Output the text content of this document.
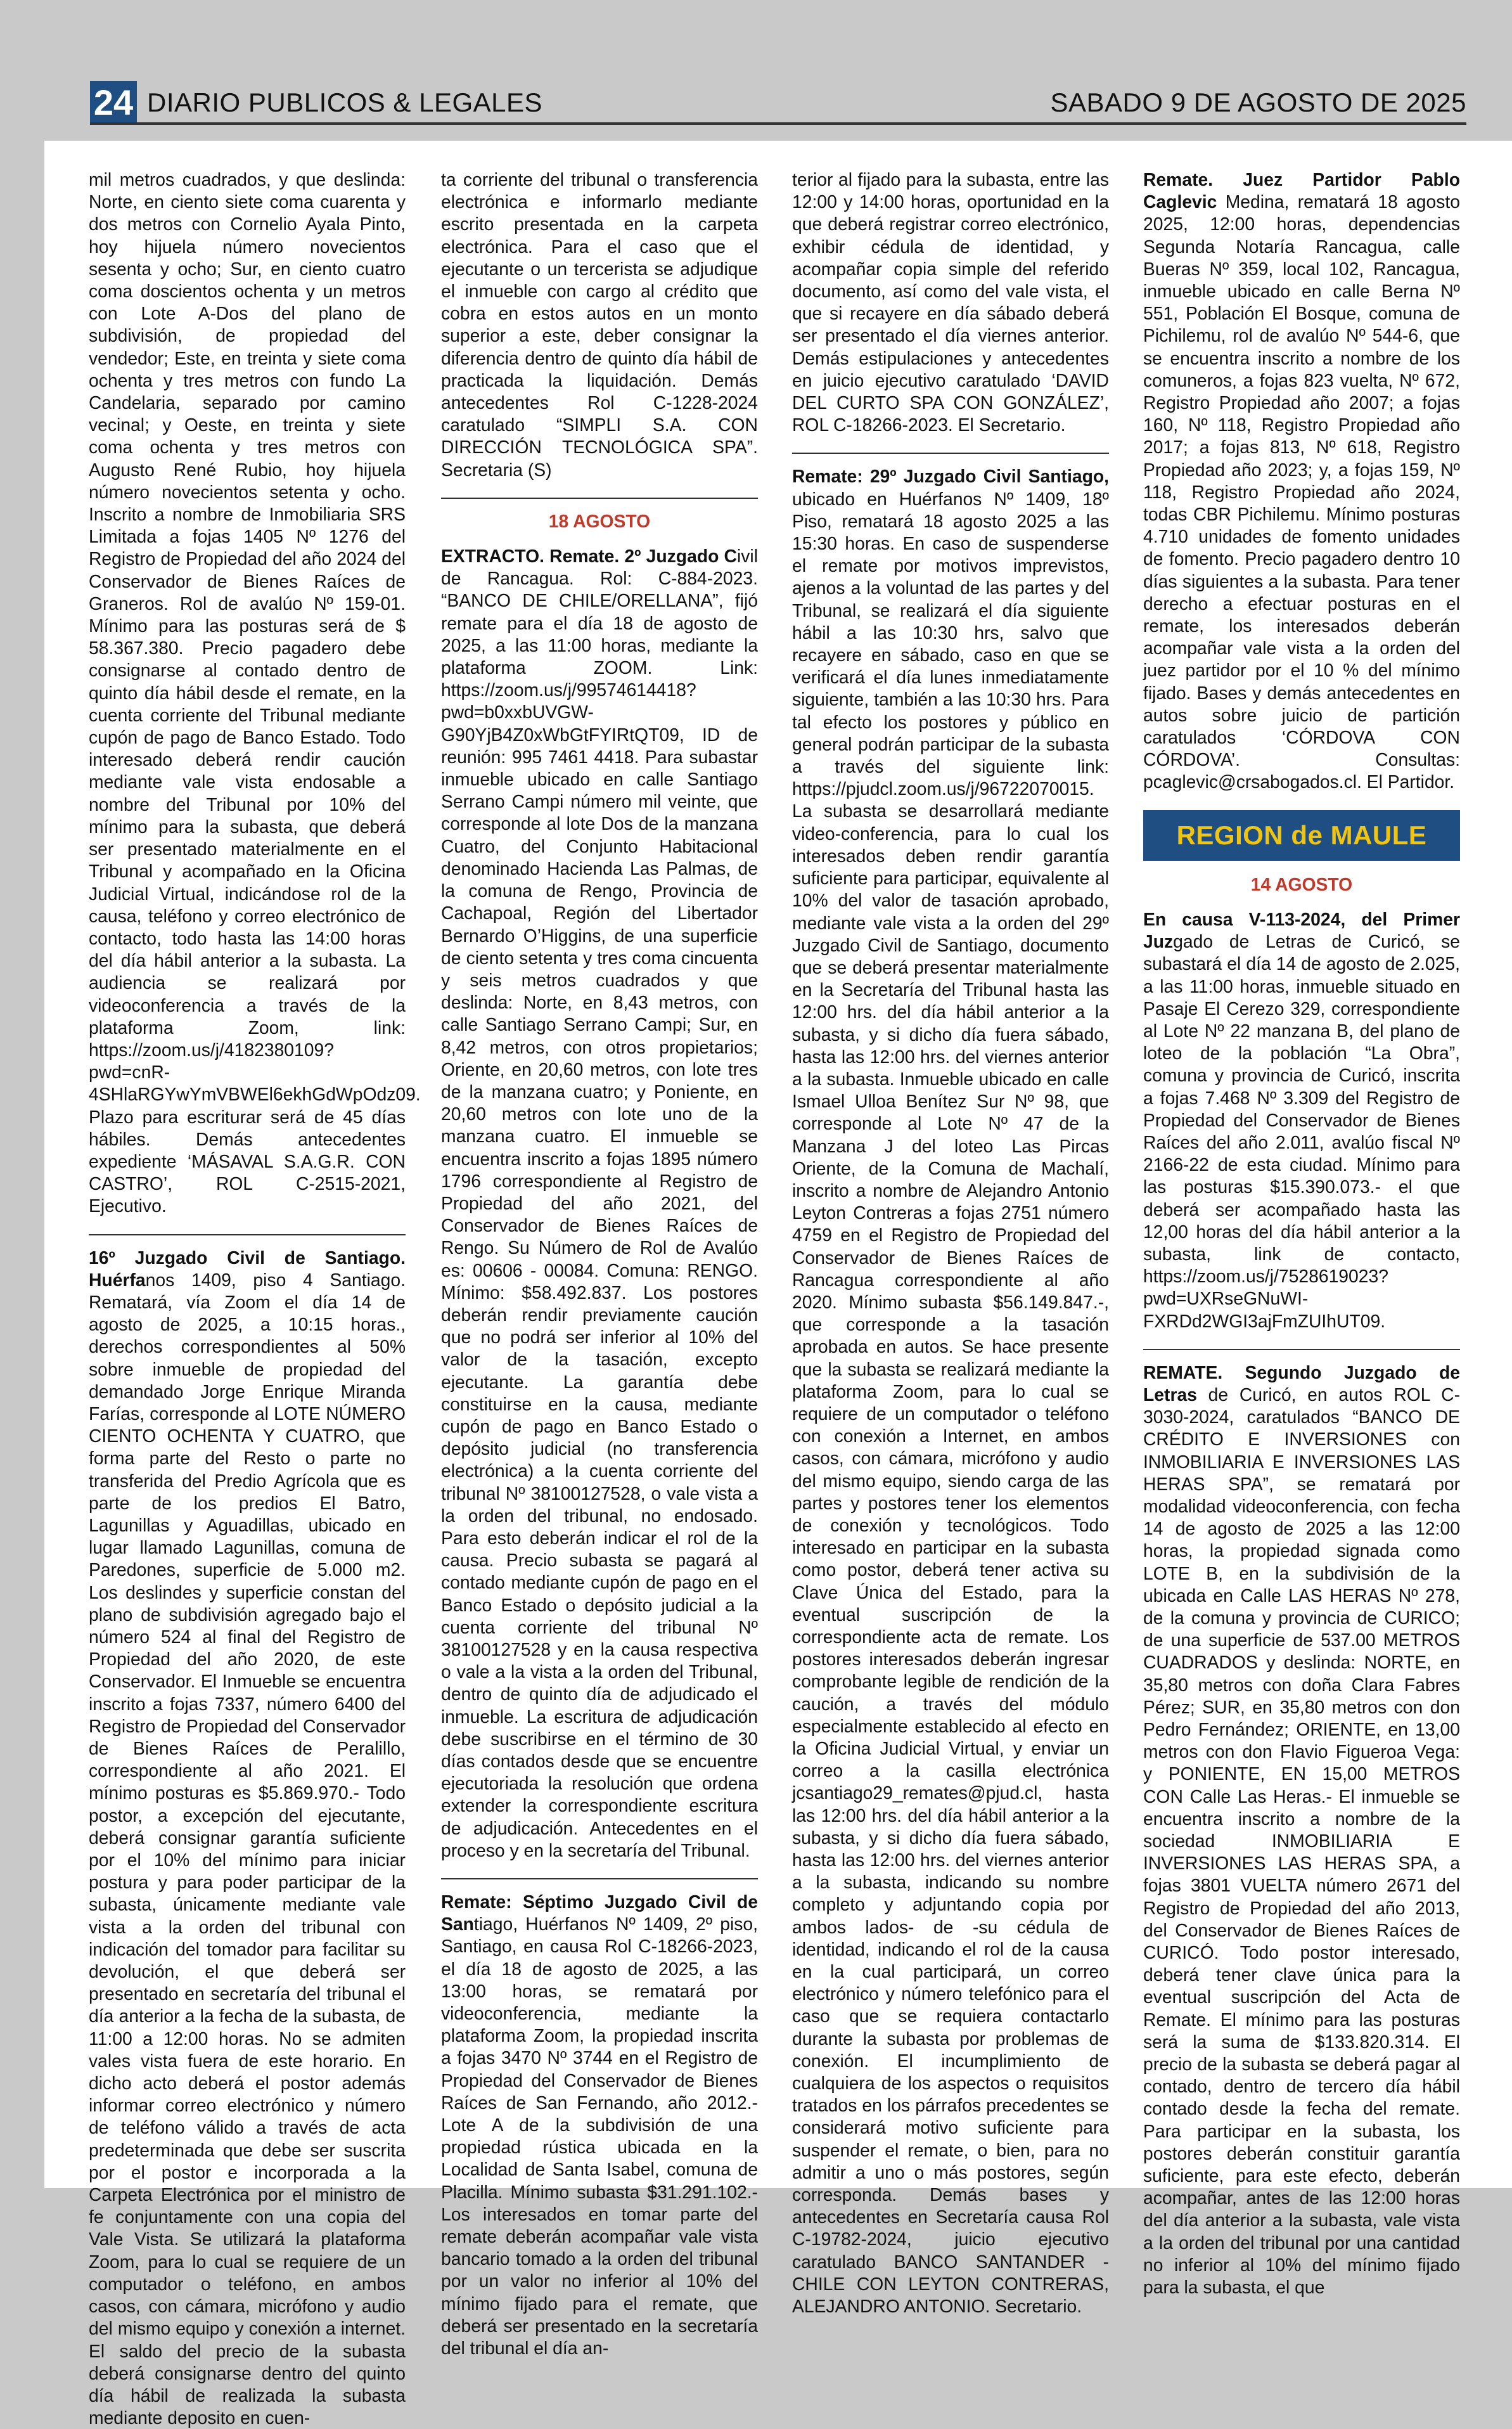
24 DIARIO PUBLICOS & LEGALES	SABADO 9 DE AGOSTO DE 2025

mil metros cuadrados, y que deslinda: Norte, en ciento siete coma cuarenta y dos metros con Cornelio Ayala Pinto, hoy hijuela número novecientos sesenta y ocho; Sur, en ciento cuatro coma doscientos ochenta y un metros con Lote A-Dos del plano de subdivisión, de propiedad del vendedor; Este, en treinta y siete coma ochenta y tres metros con fundo La Candelaria, separado por camino vecinal; y Oeste, en treinta y siete coma ochenta y tres metros con Augusto René Rubio, hoy hijuela número novecientos setenta y ocho. Inscrito a nombre de Inmobiliaria SRS Limitada a fojas 1405 Nº 1276 del Registro de Propiedad del año 2024 del Conservador de Bienes Raíces de Graneros. Rol de avalúo Nº 159-01. Mínimo para las posturas será de $ 58.367.380. Precio pagadero debe consignarse al contado dentro de quinto día hábil desde el remate, en la cuenta corriente del Tribunal mediante cupón de pago de Banco Estado. Todo interesado deberá rendir caución mediante vale vista endosable a nombre del Tribunal por 10% del mínimo para la subasta, que deberá ser presentado materialmente en el Tribunal y acompañado en la Oficina Judicial Virtual, indicándose rol de la causa, teléfono y correo electrónico de contacto, todo hasta las 14:00 horas del día hábil anterior a la subasta. La audiencia se realizará por videoconferencia a través de la plataforma Zoom, link: https://zoom.us/j/4182380109?pwd=cnR-4SHlaRGYwYmVBWEl6ekhGdWpOdz09. Plazo para escriturar será de 45 días hábiles. Demás antecedentes expediente ‘MÁSAVAL S.A.G.R. CON CASTRO’, ROL C-2515-2021, Ejecutivo.

16º Juzgado Civil de Santiago. Huérfanos 1409, piso 4 Santiago. Rematará, vía Zoom el día 14 de agosto de 2025, a 10:15 horas., derechos correspondientes al 50% sobre inmueble de propiedad del demandado Jorge Enrique Miranda Farías, corresponde al LOTE NÚMERO CIENTO OCHENTA Y CUATRO, que forma parte del Resto o parte no transferida del Predio Agrícola que es parte de los predios El Batro, Lagunillas y Aguadillas, ubicado en lugar llamado Lagunillas, comuna de Paredones, superficie de 5.000 m2. Los deslindes y superficie constan del plano de subdivisión agregado bajo el número 524 al final del Registro de Propiedad del año 2020, de este Conservador. El Inmueble se encuentra inscrito a fojas 7337, número 6400 del Registro de Propiedad del Conservador de Bienes Raíces de Peralillo, correspondiente al año 2021. El mínimo posturas es $5.869.970.- Todo postor, a excepción del ejecutante, deberá consignar garantía suficiente por el 10% del mínimo para iniciar postura y para poder participar de la subasta, únicamente mediante vale vista a la orden del tribunal con indicación del tomador para facilitar su devolución, el que deberá ser presentado en secretaría del tribunal el día anterior a la fecha de la subasta, de 11:00 a 12:00 horas. No se admiten vales vista fuera de este horario. En dicho acto deberá el postor además informar correo electrónico y número de teléfono válido a través de acta predeterminada que debe ser suscrita por el postor e incorporada a la Carpeta Electrónica por el ministro de fe conjuntamente con una copia del Vale Vista. Se utilizará la plataforma Zoom, para lo cual se requiere de un computador o teléfono, en ambos casos, con cámara, micrófono y audio del mismo equipo y conexión a internet. El saldo del precio de la subasta deberá consignarse dentro del quinto día hábil de realizada la subasta mediante deposito en cuen-

ta corriente del tribunal o transferencia electrónica e informarlo mediante escrito presentada en la carpeta electrónica. Para el caso que el ejecutante o un tercerista se adjudique el inmueble con cargo al crédito que cobra en estos autos en un monto superior a este, deber consignar la diferencia dentro de quinto día hábil de practicada la liquidación. Demás antecedentes Rol C-1228-2024 caratulado “SIMPLI S.A. CON DIRECCIÓN TECNOLÓGICA SPA”. Secretaria (S)

18 AGOSTO

EXTRACTO. Remate. 2º Juzgado Civil de Rancagua. Rol: C-884-2023. “BANCO DE CHILE/ORELLANA”, fijó remate para el día 18 de agosto de 2025, a las 11:00 horas, mediante la plataforma ZOOM. Link: https://zoom.us/j/99574614418?pwd=b0xxbUVGW-G90YjB4Z0xWbGtFYIRtQT09, ID de reunión: 995 7461 4418. Para subastar inmueble ubicado en calle Santiago Serrano Campi número mil veinte, que corresponde al lote Dos de la manzana Cuatro, del Conjunto Habitacional denominado Hacienda Las Palmas, de la comuna de Rengo, Provincia de Cachapoal, Región del Libertador Bernardo O’Higgins, de una superficie de ciento setenta y tres coma cincuenta y seis metros cuadrados y que deslinda: Norte, en 8,43 metros, con calle Santiago Serrano Campi; Sur, en 8,42 metros, con otros propietarios; Oriente, en 20,60 metros, con lote tres de la manzana cuatro; y Poniente, en 20,60 metros con lote uno de la manzana cuatro. El inmueble se encuentra inscrito a fojas 1895 número 1796 correspondiente al Registro de Propiedad del año 2021, del Conservador de Bienes Raíces de Rengo. Su Número de Rol de Avalúo es: 00606 - 00084. Comuna: RENGO. Mínimo: $58.492.837. Los postores deberán rendir previamente caución que no podrá ser inferior al 10% del valor de la tasación, excepto ejecutante. La garantía debe constituirse en la causa, mediante cupón de pago en Banco Estado o depósito judicial (no transferencia electrónica) a la cuenta corriente del tribunal Nº 38100127528, o vale vista a la orden del tribunal, no endosado. Para esto deberán indicar el rol de la causa. Precio subasta se pagará al contado mediante cupón de pago en el Banco Estado o depósito judicial a la cuenta corriente del tribunal Nº 38100127528 y en la causa respectiva o vale a la vista a la orden del Tribunal, dentro de quinto día de adjudicado el inmueble. La escritura de adjudicación debe suscribirse en el término de 30 días contados desde que se encuentre ejecutoriada la resolución que ordena extender la correspondiente escritura de adjudicación. Antecedentes en el proceso y en la secretaría del Tribunal.

Remate: Séptimo Juzgado Civil de Santiago, Huérfanos Nº 1409, 2º piso, Santiago, en causa Rol C-18266-2023, el día 18 de agosto de 2025, a las 13:00 horas, se rematará por videoconferencia, mediante la plataforma Zoom, la propiedad inscrita a fojas 3470 Nº 3744 en el Registro de Propiedad del Conservador de Bienes Raíces de San Fernando, año 2012.- Lote A de la subdivisión de una propiedad rústica ubicada en la Localidad de Santa Isabel, comuna de Placilla. Mínimo subasta $31.291.102.- Los interesados en tomar parte del remate deberán acompañar vale vista bancario tomado a la orden del tribunal por un valor no inferior al 10% del mínimo fijado para el remate, que deberá ser presentado en la secretaría del tribunal el día an-

terior al fijado para la subasta, entre las 12:00 y 14:00 horas, oportunidad en la que deberá registrar correo electrónico, exhibir cédula de identidad, y acompañar copia simple del referido documento, así como del vale vista, el que si recayere en día sábado deberá ser presentado el día viernes anterior. Demás estipulaciones y antecedentes en juicio ejecutivo caratulado ‘DAVID DEL CURTO SPA CON GONZÁLEZ’, ROL C-18266-2023. El Secretario.

Remate: 29º Juzgado Civil Santiago, ubicado en Huérfanos Nº 1409, 18º Piso, rematará 18 agosto 2025 a las 15:30 horas. En caso de suspenderse el remate por motivos imprevistos, ajenos a la voluntad de las partes y del Tribunal, se realizará el día siguiente hábil a las 10:30 hrs, salvo que recayere en sábado, caso en que se verificará el día lunes inmediatamente siguiente, también a las 10:30 hrs. Para tal efecto los postores y público en general podrán participar de la subasta a través del siguiente link: https://pjudcl.zoom.us/j/96722070015. La subasta se desarrollará mediante video-conferencia, para lo cual los interesados deben rendir garantía suficiente para participar, equivalente al 10% del valor de tasación aprobado, mediante vale vista a la orden del 29º Juzgado Civil de Santiago, documento que se deberá presentar materialmente en la Secretaría del Tribunal hasta las 12:00 hrs. del día hábil anterior a la subasta, y si dicho día fuera sábado, hasta las 12:00 hrs. del viernes anterior a la subasta. Inmueble ubicado en calle Ismael Ulloa Benítez Sur Nº 98, que corresponde al Lote Nº 47 de la Manzana J del loteo Las Pircas Oriente, de la Comuna de Machalí, inscrito a nombre de Alejandro Antonio Leyton Contreras a fojas 2751 número 4759 en el Registro de Propiedad del Conservador de Bienes Raíces de Rancagua correspondiente al año 2020. Mínimo subasta $56.149.847.-, que corresponde a la tasación aprobada en autos. Se hace presente que la subasta se realizará mediante la plataforma Zoom, para lo cual se requiere de un computador o teléfono con conexión a Internet, en ambos casos, con cámara, micrófono y audio del mismo equipo, siendo carga de las partes y postores tener los elementos de conexión y tecnológicos. Todo interesado en participar en la subasta como postor, deberá tener activa su Clave Única del Estado, para la eventual suscripción de la correspondiente acta de remate. Los postores interesados deberán ingresar comprobante legible de rendición de la caución, a través del módulo especialmente establecido al efecto en la Oficina Judicial Virtual, y enviar un correo a la casilla electrónica jcsantiago29_remates@pjud.cl, hasta las 12:00 hrs. del día hábil anterior a la subasta, y si dicho día fuera sábado, hasta las 12:00 hrs. del viernes anterior a la subasta, indicando su nombre completo y adjuntando copia por ambos lados- de -su cédula de identidad, indicando el rol de la causa en la cual participará, un correo electrónico y número telefónico para el caso que se requiera contactarlo durante la subasta por problemas de conexión. El incumplimiento de cualquiera de los aspectos o requisitos tratados en los párrafos precedentes se considerará motivo suficiente para suspender el remate, o bien, para no admitir a uno o más postores, según corresponda. Demás bases y antecedentes en Secretaría causa Rol C-19782-2024, juicio ejecutivo caratulado BANCO SANTANDER - CHILE CON LEYTON CONTRERAS, ALEJANDRO ANTONIO. Secretario.

Remate. Juez Partidor Pablo Caglevic Medina, rematará 18 agosto 2025, 12:00 horas, dependencias Segunda Notaría Rancagua, calle Bueras Nº 359, local 102, Rancagua, inmueble ubicado en calle Berna Nº 551, Población El Bosque, comuna de Pichilemu, rol de avalúo Nº 544-6, que se encuentra inscrito a nombre de los comuneros, a fojas 823 vuelta, Nº 672, Registro Propiedad año 2007; a fojas 160, Nº 118, Registro Propiedad año 2017; a fojas 813, Nº 618, Registro Propiedad año 2023; y, a fojas 159, Nº 118, Registro Propiedad año 2024, todas CBR Pichilemu. Mínimo posturas 4.710 unidades de fomento unidades de fomento. Precio pagadero dentro 10 días siguientes a la subasta. Para tener derecho a efectuar posturas en el remate, los interesados deberán acompañar vale vista a la orden del juez partidor por el 10 % del mínimo fijado. Bases y demás antecedentes en autos sobre juicio de partición caratulados ‘CÓRDOVA CON CÓRDOVA’. Consultas: pcaglevic@crsabogados.cl. El Partidor.

REGION de MAULE
14 AGOSTO

En causa V-113-2024, del Primer Juzgado de Letras de Curicó, se subastará el día 14 de agosto de 2.025, a las 11:00 horas, inmueble situado en Pasaje El Cerezo 329, correspondiente al Lote Nº 22 manzana B, del plano de loteo de la población “La Obra”, comuna y provincia de Curicó, inscrita a fojas 7.468 Nº 3.309 del Registro de Propiedad del Conservador de Bienes Raíces del año 2.011, avalúo fiscal Nº 2166-22 de esta ciudad. Mínimo para las posturas $15.390.073.- el que deberá ser acompañado hasta las 12,00 horas del día hábil anterior a la subasta, link de contacto, https://zoom.us/j/7528619023?pwd=UXRseGNuWI-FXRDd2WGI3ajFmZUIhUT09.

REMATE. Segundo Juzgado de Letras de Curicó, en autos ROL C-3030-2024, caratulados “BANCO DE CRÉDITO E INVERSIONES con INMOBILIARIA E INVERSIONES LAS HERAS SPA”, se rematará por modalidad videoconferencia, con fecha 14 de agosto de 2025 a las 12:00 horas, la propiedad signada como LOTE B, en la subdivisión de la ubicada en Calle LAS HERAS Nº 278, de la comuna y provincia de CURICO; de una superficie de 537.00 METROS CUADRADOS y deslinda: NORTE, en 35,80 metros con doña Clara Fabres Pérez; SUR, en 35,80 metros con don Pedro Fernández; ORIENTE, en 13,00 metros con don Flavio Figueroa Vega: y PONIENTE, EN 15,00 METROS CON Calle Las Heras.- El inmueble se encuentra inscrito a nombre de la sociedad INMOBILIARIA E INVERSIONES LAS HERAS SPA, a fojas 3801 VUELTA número 2671 del Registro de Propiedad del año 2013, del Conservador de Bienes Raíces de CURICÓ. Todo postor interesado, deberá tener clave única para la eventual suscripción del Acta de Remate. El mínimo para las posturas será la suma de $133.820.314. El precio de la subasta se deberá pagar al contado, dentro de tercero día hábil contado desde la fecha del remate. Para participar en la subasta, los postores deberán constituir garantía suficiente, para este efecto, deberán acompañar, antes de las 12:00 horas del día anterior a la subasta, vale vista a la orden del tribunal por una cantidad no inferior al 10% del mínimo fijado para la subasta, el que
